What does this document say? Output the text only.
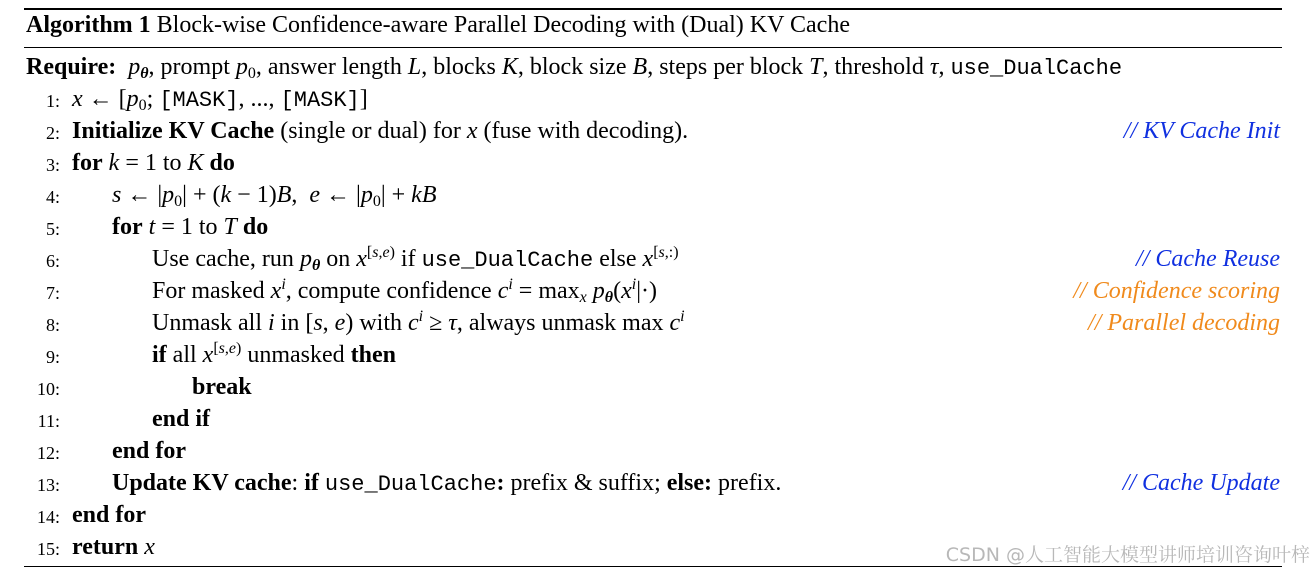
Algorithm 1 Block-wise Confidence-aware Parallel Decoding with (Dual) KV Cache
Require: $p_\theta$, prompt $p_0$, answer length L, blocks K, block size B, steps per block T, threshold τ, use_DualCache
1: x ← [$p_0$; [MASK], ..., [MASK]]
2: Initialize KV Cache (single or dual) for x (fuse with decoding).	// KV Cache Init
3: for k = 1 to K do
4: s ← $|p_0| + (k - 1)B$,  e ← $|p_0|$ + kB
5: for t = 1 to T do
6:	Use cache, run $p_\theta$ on $x^{[s,e)}$ if use_DualCache else $x^{[s,:)}$	// Cache Reuse
7:	For masked $x^i$, compute confidence $c^i = \max_x p_\theta(x^i|\cdot)$	// Confidence scoring
8:	Unmask all i in [s, e) with $c^i \ge \tau$, always unmask $\max c^i$	// Parallel decoding
9:	if all $x^{[s,e)}$ unmasked then
10:	break
11:	end if
12: end for
13: Update KV cache: if use_DualCache: prefix & suffix; else: prefix.	// Cache Update
14: end for
15: return x	CSDN @人工智能大模型讲师培训咨询叶梓
